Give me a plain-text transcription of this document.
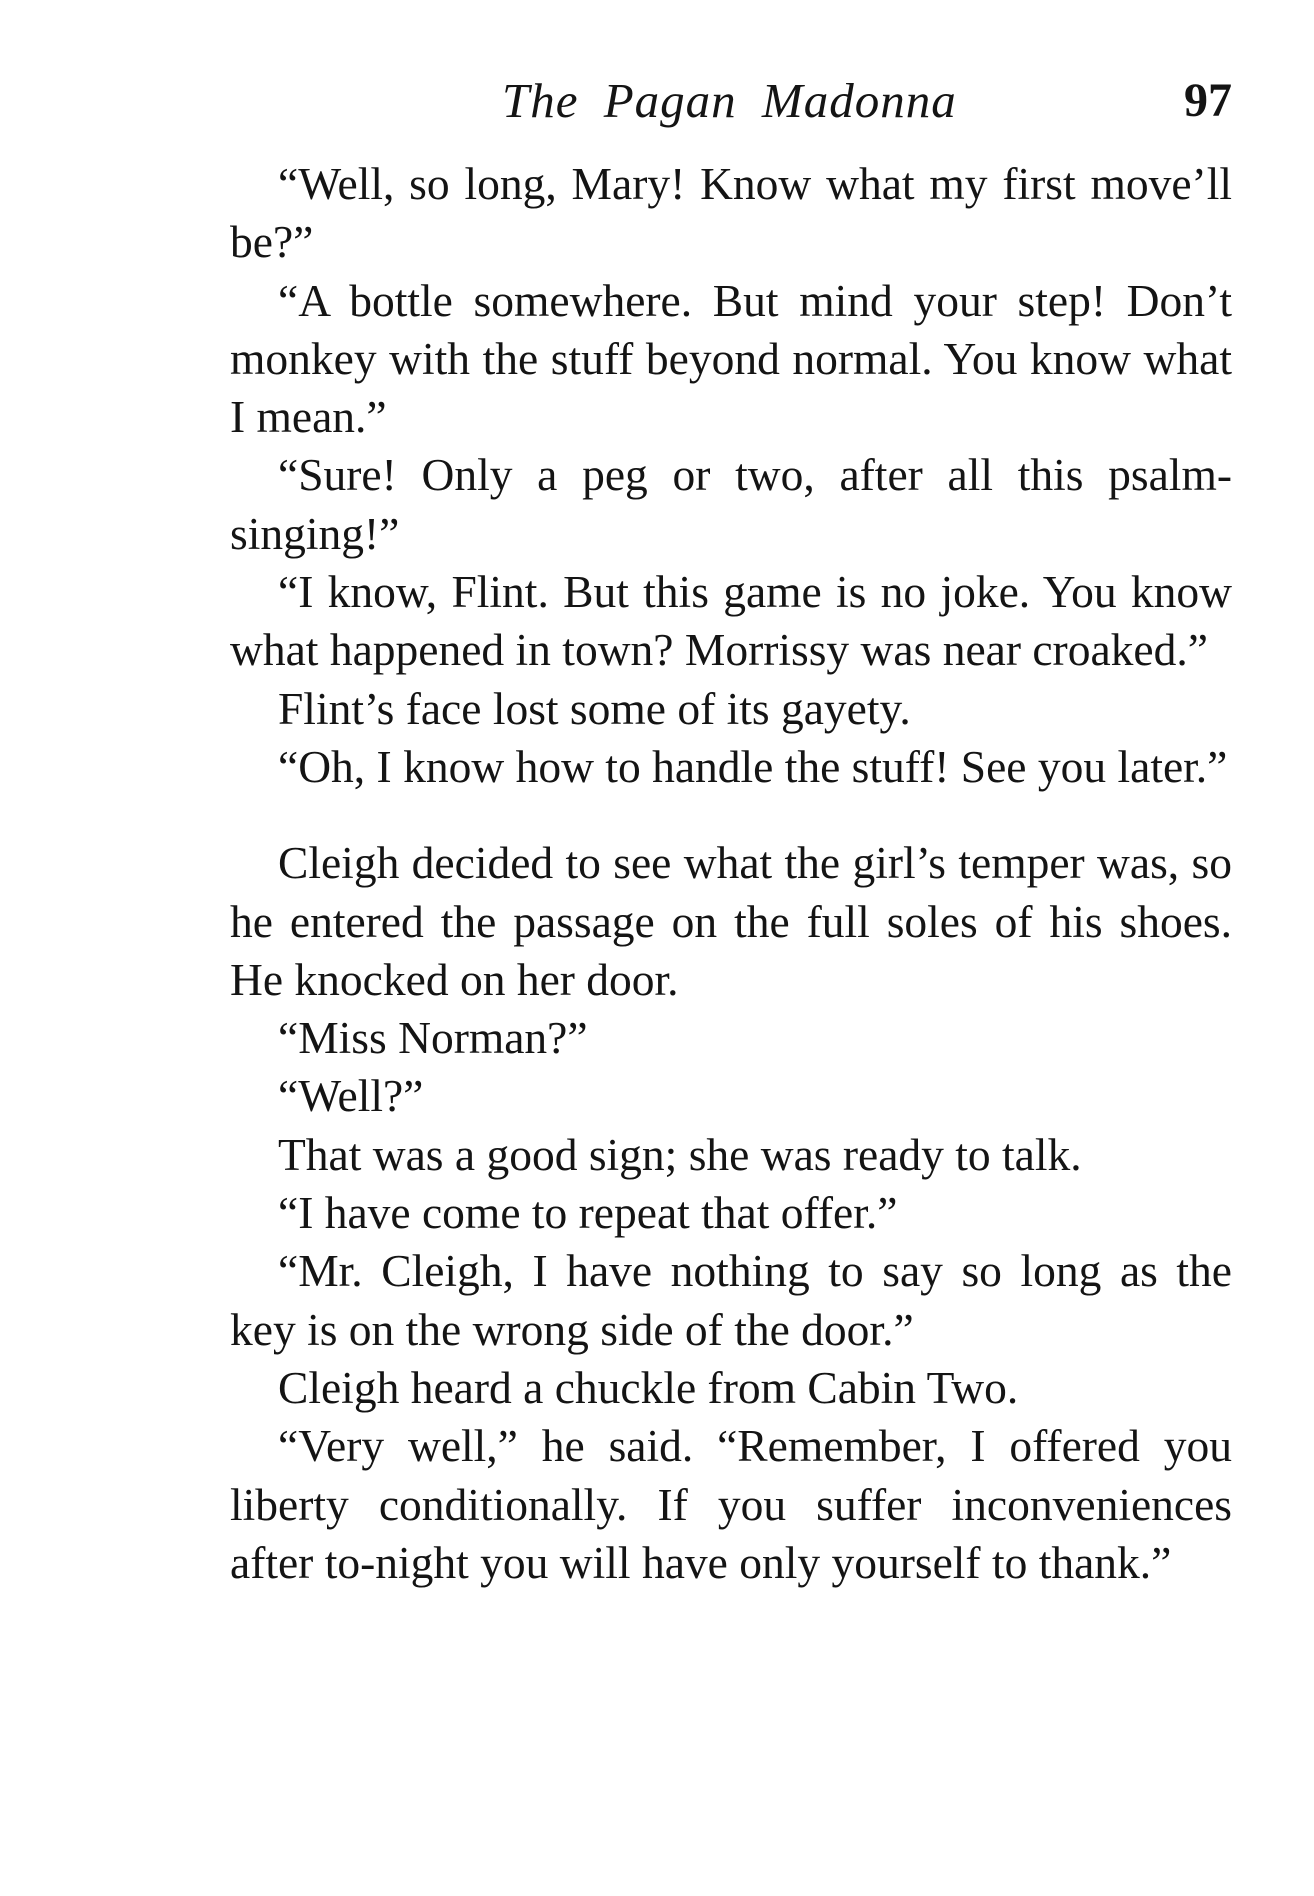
The Pagan Madonna	97

“Well, so long, Mary! Know what my first move’ll be?”

“A bottle somewhere. But mind your step! Don’t monkey with the stuff beyond normal. You know what I mean.”

“Sure! Only a peg or two, after all this psalm-singing!”

“I know, Flint. But this game is no joke. You know what happened in town? Morrissy was near croaked.”

Flint’s face lost some of its gayety.

“Oh, I know how to handle the stuff! See you later.”

Cleigh decided to see what the girl’s temper was, so he entered the passage on the full soles of his shoes. He knocked on her door.

“Miss Norman?”

“Well?”

That was a good sign; she was ready to talk.

“I have come to repeat that offer.”

“Mr. Cleigh, I have nothing to say so long as the key is on the wrong side of the door.”

Cleigh heard a chuckle from Cabin Two.

“Very well,” he said. “Remember, I offered you liberty conditionally. If you suffer inconveniences after to-night you will have only yourself to thank.”
